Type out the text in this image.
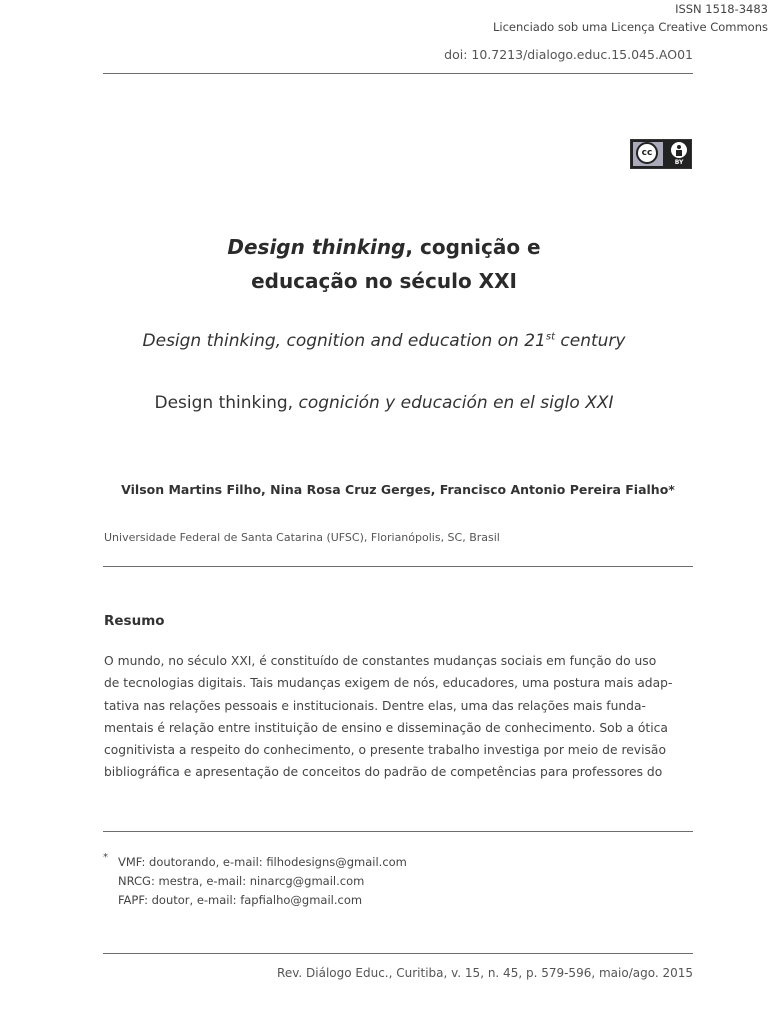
doi: 10.7213/dialogo.educ.15.045.AO01
ISSN 1518-3483
Licenciado sob uma Licença Creative Commons
cc
BY
Design thinking, cognição e
educação no século XXI
Design thinking, cognition and education on 21st century
Design thinking, cognición y educación en el siglo XXI
Vilson Martins Filho, Nina Rosa Cruz Gerges, Francisco Antonio Pereira Fialho*
Universidade Federal de Santa Catarina (UFSC), Florianópolis, SC, Brasil
Resumo
O mundo, no século XXI, é constituído de constantes mudanças sociais em função do uso
de tecnologias digitais. Tais mudanças exigem de nós, educadores, uma postura mais adap-
tativa nas relações pessoais e institucionais. Dentre elas, uma das relações mais funda-
mentais é relação entre instituição de ensino e disseminação de conhecimento. Sob a ótica
cognitivista a respeito do conhecimento, o presente trabalho investiga por meio de revisão
bibliográfica e apresentação de conceitos do padrão de competências para professores do
* VMF: doutorando, e-mail: filhodesigns@gmail.com
NRCG: mestra, e-mail: ninarcg@gmail.com
FAPF: doutor, e-mail: fapfialho@gmail.com
Rev. Diálogo Educ., Curitiba, v. 15, n. 45, p. 579-596, maio/ago. 2015
